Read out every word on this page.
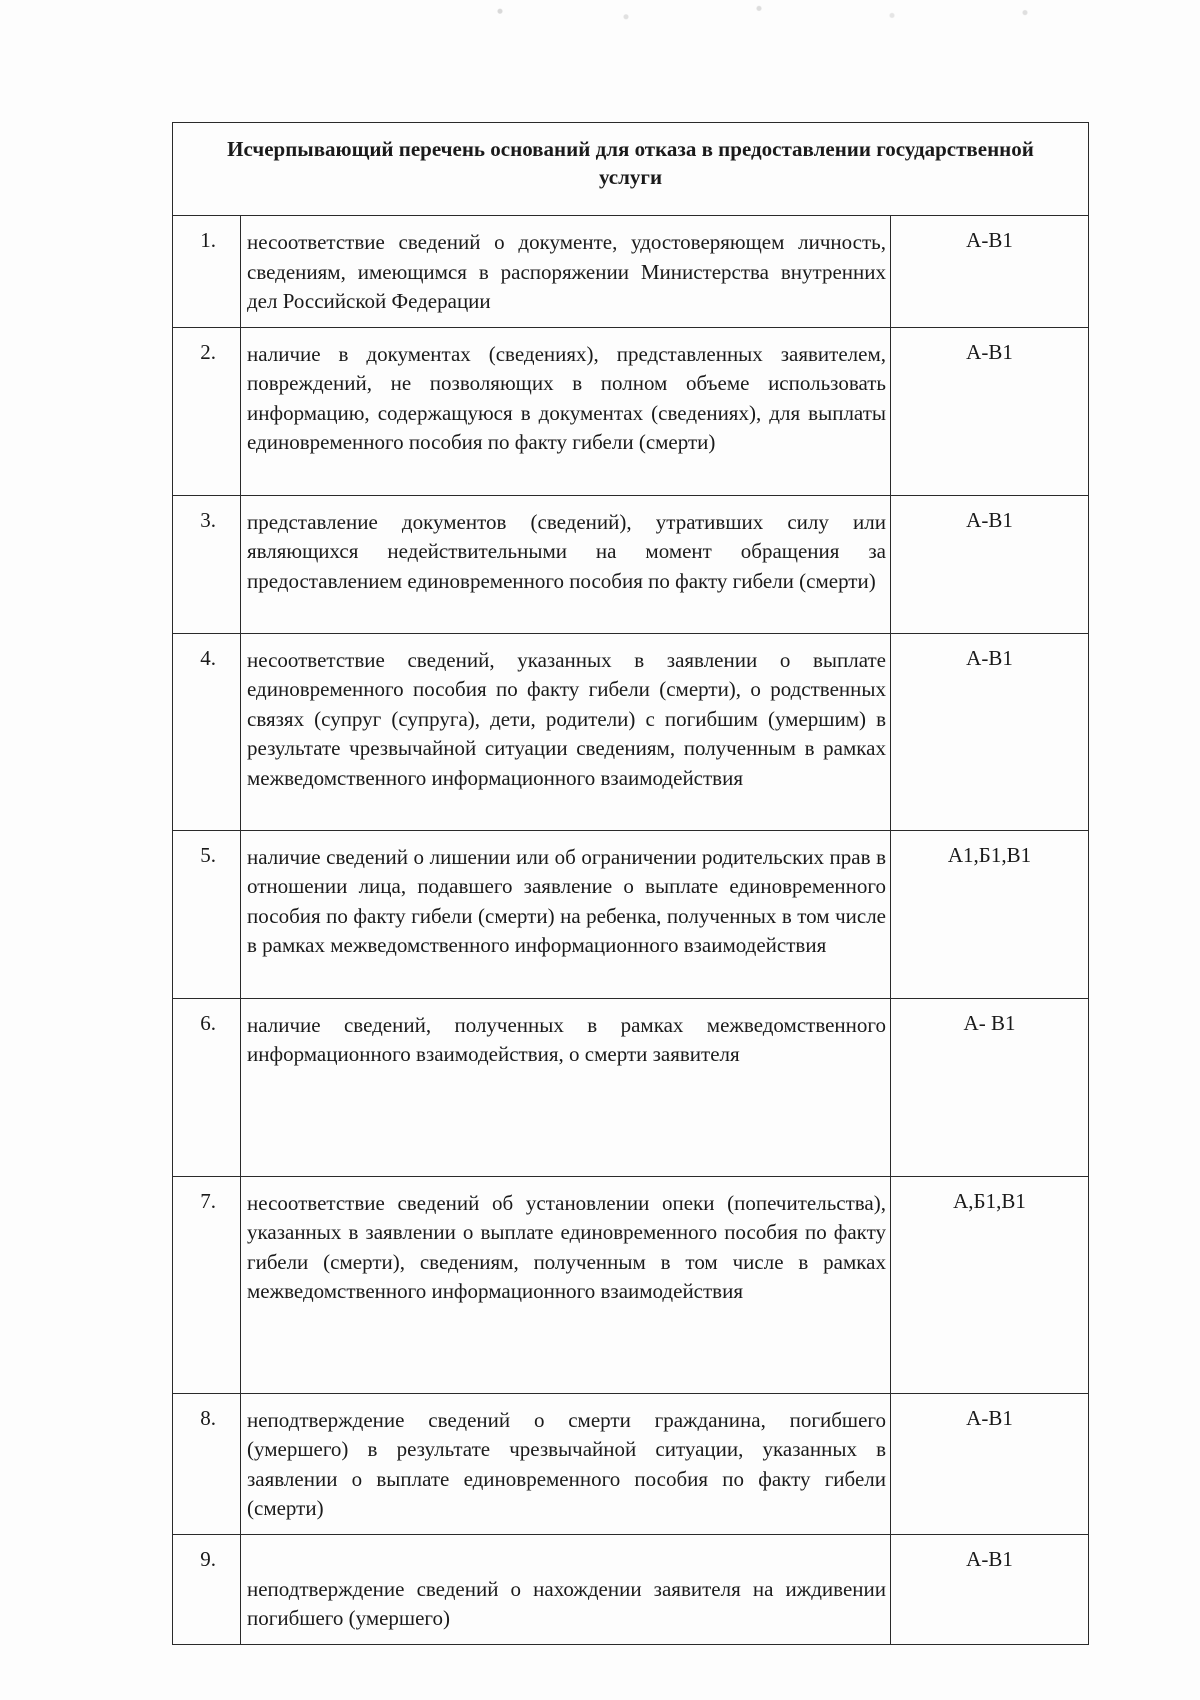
Исчерпывающий перечень оснований для отказа в предоставлении государственной услуги		
1.	несоответствие сведений о документе, удостоверяющем личность, сведениям, имеющимся в распоряжении Министерства внутренних дел Российской Федерации	А-В1
2.	наличие в документах (сведениях), представленных заявителем, повреждений, не позволяющих в полном объеме использовать информацию, содержащуюся в документах (сведениях), для выплаты единовременного пособия по факту гибели (смерти)	А-В1
3.	представление документов (сведений), утративших силу или являющихся недействительными на момент обращения за предоставлением единовременного пособия по факту гибели (смерти)	А-В1
4.	несоответствие сведений, указанных в заявлении о выплате единовременного пособия по факту гибели (смерти), о родственных связях (супруг (супруга), дети, родители) с погибшим (умершим) в результате чрезвычайной ситуации сведениям, полученным в рамках межведомственного информационного взаимодействия	А-В1
5.	наличие сведений о лишении или об ограничении родительских прав в отношении лица, подавшего заявление о выплате единовременного пособия по факту гибели (смерти) на ребенка, полученных в том числе в рамках межведомственного информационного взаимодействия	А1,Б1,В1
6.	наличие сведений, полученных в рамках межведомственного информационного взаимодействия, о смерти заявителя	А- В1
7.	несоответствие сведений об установлении опеки (попечительства), указанных в заявлении о выплате единовременного пособия по факту гибели (смерти), сведениям, полученным в том числе в рамках межведомственного информационного взаимодействия	А,Б1,В1
8.	неподтверждение сведений о смерти гражданина, погибшего (умершего) в результате чрезвычайной ситуации, указанных в заявлении о выплате единовременного пособия по факту гибели (смерти)	А-В1
9.	неподтверждение сведений о нахождении заявителя на иждивении погибшего (умершего)	А-В1
